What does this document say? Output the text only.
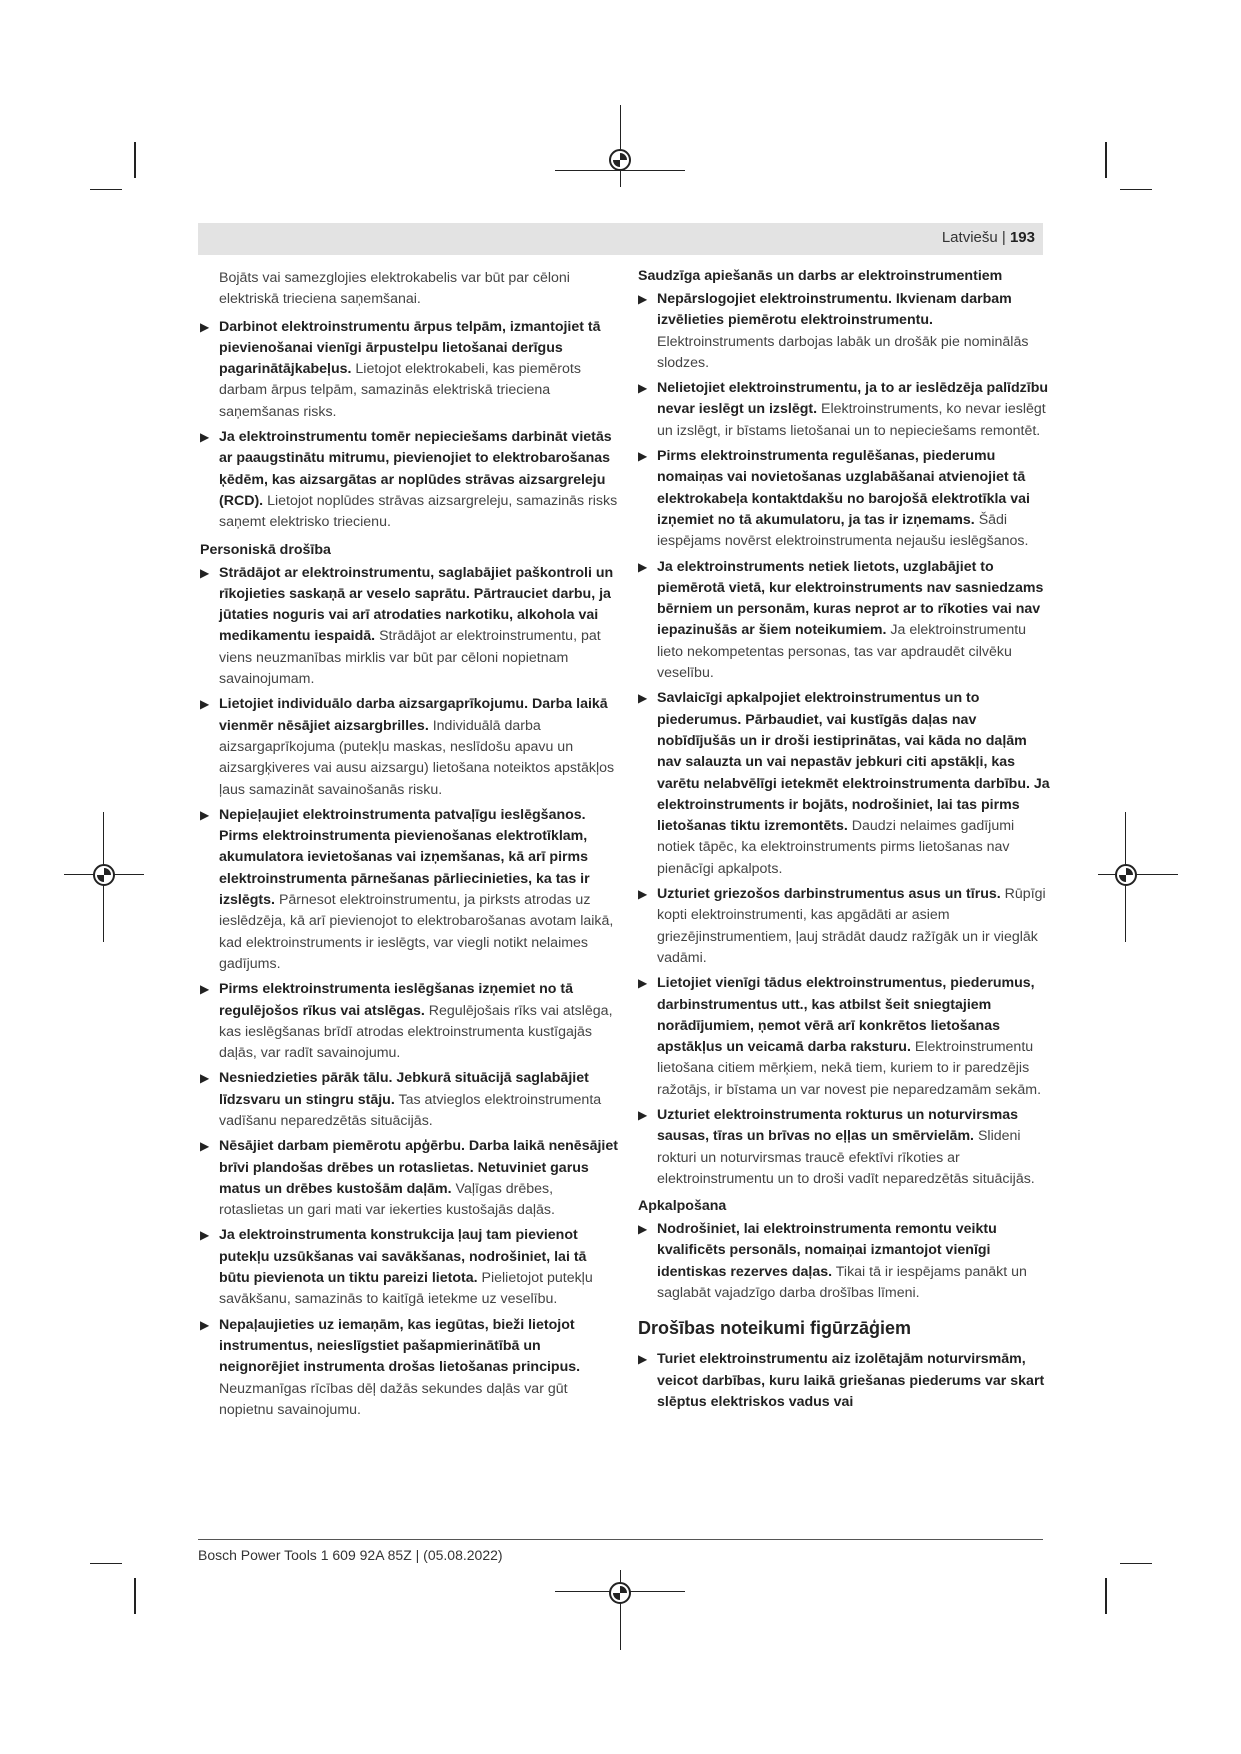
Latviešu | 193
Bojāts vai samezglojies elektrokabelis var būt par cēloni elektriskā trieciena saņemšanai.
▶ Darbinot elektroinstrumentu ārpus telpām, izmantojiet tā pievienošanai vienīgi ārpustelpu lietošanai derīgus pagarinātājkabeļus. Lietojot elektrokabeli, kas piemērots darbam ārpus telpām, samazinās elektriskā trieciena saņemšanas risks.
▶ Ja elektroinstrumentu tomēr nepieciešams darbināt vietās ar paaugstinātu mitrumu, pievienojiet to elektrobarošanas ķēdēm, kas aizsargātas ar noplūdes strāvas aizsargreleju (RCD). Lietojot noplūdes strāvas aizsargreleju, samazinās risks saņemt elektrisko triecienu.
Personiskā drošība
▶ Strādājot ar elektroinstrumentu, saglabājiet paškontroli un rīkojieties saskaņā ar veselo saprātu. Pārtrauciet darbu, ja jūtaties noguris vai arī atrodaties narkotiku, alkohola vai medikamentu iespaidā. Strādājot ar elektroinstrumentu, pat viens neuzmanības mirklis var būt par cēloni nopietnam savainojumam.
▶ Lietojiet individuālo darba aizsargaprīkojumu. Darba laikā vienmēr nēsājiet aizsargbrilles. Individuālā darba aizsargaprīkojuma (putekļu maskas, neslīdošu apavu un aizsargķiveres vai ausu aizsargu) lietošana noteiktos apstākļos ļaus samazināt savainošanās risku.
▶ Nepieļaujiet elektroinstrumenta patvaļīgu ieslēgšanos. Pirms elektroinstrumenta pievienošanas elektrotīklam, akumulatora ievietošanas vai izņemšanas, kā arī pirms elektroinstrumenta pārnešanas pārliecinieties, ka tas ir izslēgts. Pārnesot elektroinstrumentu, ja pirksts atrodas uz ieslēdzēja, kā arī pievienojot to elektrobarošanas avotam laikā, kad elektroinstruments ir ieslēgts, var viegli notikt nelaimes gadījums.
▶ Pirms elektroinstrumenta ieslēgšanas izņemiet no tā regulējošos rīkus vai atslēgas. Regulējošais rīks vai atslēga, kas ieslēgšanas brīdī atrodas elektroinstrumenta kustīgajās daļās, var radīt savainojumu.
▶ Nesniedzieties pārāk tālu. Jebkurā situācijā saglabājiet līdzsvaru un stingru stāju. Tas atvieglos elektroinstrumenta vadīšanu neparedzētās situācijās.
▶ Nēsājiet darbam piemērotu apģērbu. Darba laikā nenēsājiet brīvi plandošas drēbes un rotaslietas. Netuviniet garus matus un drēbes kustošām daļām. Vaļīgas drēbes, rotaslietas un gari mati var iekerties kustošajās daļās.
▶ Ja elektroinstrumenta konstrukcija ļauj tam pievienot putekļu uzsūkšanas vai savākšanas, nodrošiniet, lai tā būtu pievienota un tiktu pareizi lietota. Pielietojot putekļu savākšanu, samazinās to kaitīgā ietekme uz veselību.
▶ Nepaļaujieties uz iemaņām, kas iegūtas, bieži lietojot instrumentus, neieslīgstiet pašapmierinātībā un neignorējiet instrumenta drošas lietošanas principus. Neuzmanīgas rīcības dēļ dažās sekundes daļās var gūt nopietnu savainojumu.
Saudzīga apiešanās un darbs ar elektroinstrumentiem
▶ Nepārslogojiet elektroinstrumentu. Ikvienam darbam izvēlieties piemērotu elektroinstrumentu. Elektroinstruments darbojas labāk un drošāk pie nominālās slodzes.
▶ Nelietojiet elektroinstrumentu, ja to ar ieslēdzēja palīdzību nevar ieslēgt un izslēgt. Elektroinstruments, ko nevar ieslēgt un izslēgt, ir bīstams lietošanai un to nepieciešams remontēt.
▶ Pirms elektroinstrumenta regulēšanas, piederumu nomaiņas vai novietošanas uzglabāšanai atvienojiet tā elektrokabeļa kontaktdakšu no barojošā elektrotīkla vai izņemiet no tā akumulatoru, ja tas ir izņemams. Šādi iespējams novērst elektroinstrumenta nejaušu ieslēgšanos.
▶ Ja elektroinstruments netiek lietots, uzglabājiet to piemērotā vietā, kur elektroinstruments nav sasniedzams bērniem un personām, kuras neprot ar to rīkoties vai nav iepazinušās ar šiem noteikumiem. Ja elektroinstrumentu lieto nekompetentas personas, tas var apdraudēt cilvēku veselību.
▶ Savlaicīgi apkalpojiet elektroinstrumentus un to piederumus. Pārbaudiet, vai kustīgās daļas nav nobīdījušās un ir droši iestiprinātas, vai kāda no daļām nav salauzta un vai nepastāv jebkuri citi apstākļi, kas varētu nelabvēlīgi ietekmēt elektroinstrumenta darbību. Ja elektroinstruments ir bojāts, nodrošiniet, lai tas pirms lietošanas tiktu izremontēts. Daudzi nelaimes gadījumi notiek tāpēc, ka elektroinstruments pirms lietošanas nav pienācīgi apkalpots.
▶ Uzturiet griezošos darbinstrumentus asus un tīrus. Rūpīgi kopti elektroinstrumenti, kas apgādāti ar asiem griezējinstrumentiem, ļauj strādāt daudz ražīgāk un ir vieglāk vadāmi.
▶ Lietojiet vienīgi tādus elektroinstrumentus, piederumus, darbinstrumentus utt., kas atbilst šeit sniegtajiem norādījumiem, ņemot vērā arī konkrētos lietošanas apstākļus un veicamā darba raksturu. Elektroinstrumentu lietošana citiem mērķiem, nekā tiem, kuriem to ir paredzējis ražotājs, ir bīstama un var novest pie neparedzamām sekām.
▶ Uzturiet elektroinstrumenta rokturus un noturvirsmas sausas, tīras un brīvas no eļļas un smērvielām. Slideni rokturi un noturvirsmas traucē efektīvi rīkoties ar elektroinstrumentu un to droši vadīt neparedzētās situācijās.
Apkalpošana
▶ Nodrošiniet, lai elektroinstrumenta remontu veiktu kvalificēts personāls, nomaiņai izmantojot vienīgi identiskas rezerves daļas. Tikai tā ir iespējams panākt un saglabāt vajadzīgo darba drošības līmeni.
Drošības noteikumi figūrzāģiem
▶ Turiet elektroinstrumentu aiz izolētajām noturvirsmām, veicot darbības, kuru laikā griešanas piederums var skart slēptus elektriskos vadus vai
Bosch Power Tools 1 609 92A 85Z | (05.08.2022)
